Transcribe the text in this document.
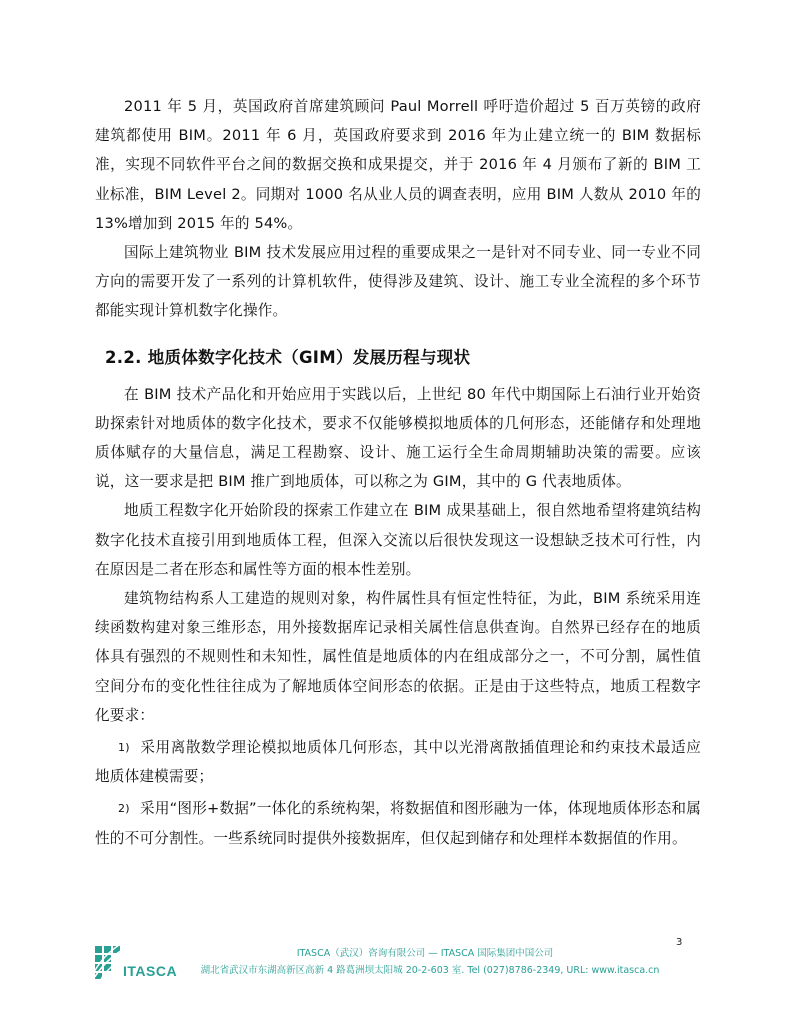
2011 年 5 月，英国政府首席建筑顾问 Paul Morrell 呼吁造价超过 5 百万英镑的政府建筑都使用 BIM。2011 年 6 月，英国政府要求到 2016 年为止建立统一的 BIM 数据标准，实现不同软件平台之间的数据交换和成果提交，并于 2016 年 4 月颁布了新的 BIM 工业标准，BIM Level 2。同期对 1000 名从业人员的调查表明，应用 BIM 人数从 2010 年的 13%增加到 2015 年的 54%。

国际上建筑物业 BIM 技术发展应用过程的重要成果之一是针对不同专业、同一专业不同方向的需要开发了一系列的计算机软件，使得涉及建筑、设计、施工专业全流程的多个环节都能实现计算机数字化操作。

2.2. 地质体数字化技术（GIM）发展历程与现状

在 BIM 技术产品化和开始应用于实践以后，上世纪 80 年代中期国际上石油行业开始资助探索针对地质体的数字化技术，要求不仅能够模拟地质体的几何形态，还能储存和处理地质体赋存的大量信息，满足工程勘察、设计、施工运行全生命周期辅助决策的需要。应该说，这一要求是把 BIM 推广到地质体，可以称之为 GIM，其中的 G 代表地质体。

地质工程数字化开始阶段的探索工作建立在 BIM 成果基础上，很自然地希望将建筑结构数字化技术直接引用到地质体工程，但深入交流以后很快发现这一设想缺乏技术可行性，内在原因是二者在形态和属性等方面的根本性差别。

建筑物结构系人工建造的规则对象，构件属性具有恒定性特征，为此，BIM 系统采用连续函数构建对象三维形态，用外接数据库记录相关属性信息供查询。自然界已经存在的地质体具有强烈的不规则性和未知性，属性值是地质体的内在组成部分之一，不可分割，属性值空间分布的变化性往往成为了解地质体空间形态的依据。正是由于这些特点，地质工程数字化要求：

1) 采用离散数学理论模拟地质体几何形态，其中以光滑离散插值理论和约束技术最适应地质体建模需要；
2) 采用“图形+数据”一体化的系统构架，将数据值和图形融为一体，体现地质体形态和属性的不可分割性。一些系统同时提供外接数据库，但仅起到储存和处理样本数据值的作用。
3
ITASCA
ITASCA（武汉）咨询有限公司 — ITASCA 国际集团中国公司
湖北省武汉市东湖高新区高新 4 路葛洲坝太阳城 20-2-603 室. Tel (027)8786-2349, URL: www.itasca.cn
